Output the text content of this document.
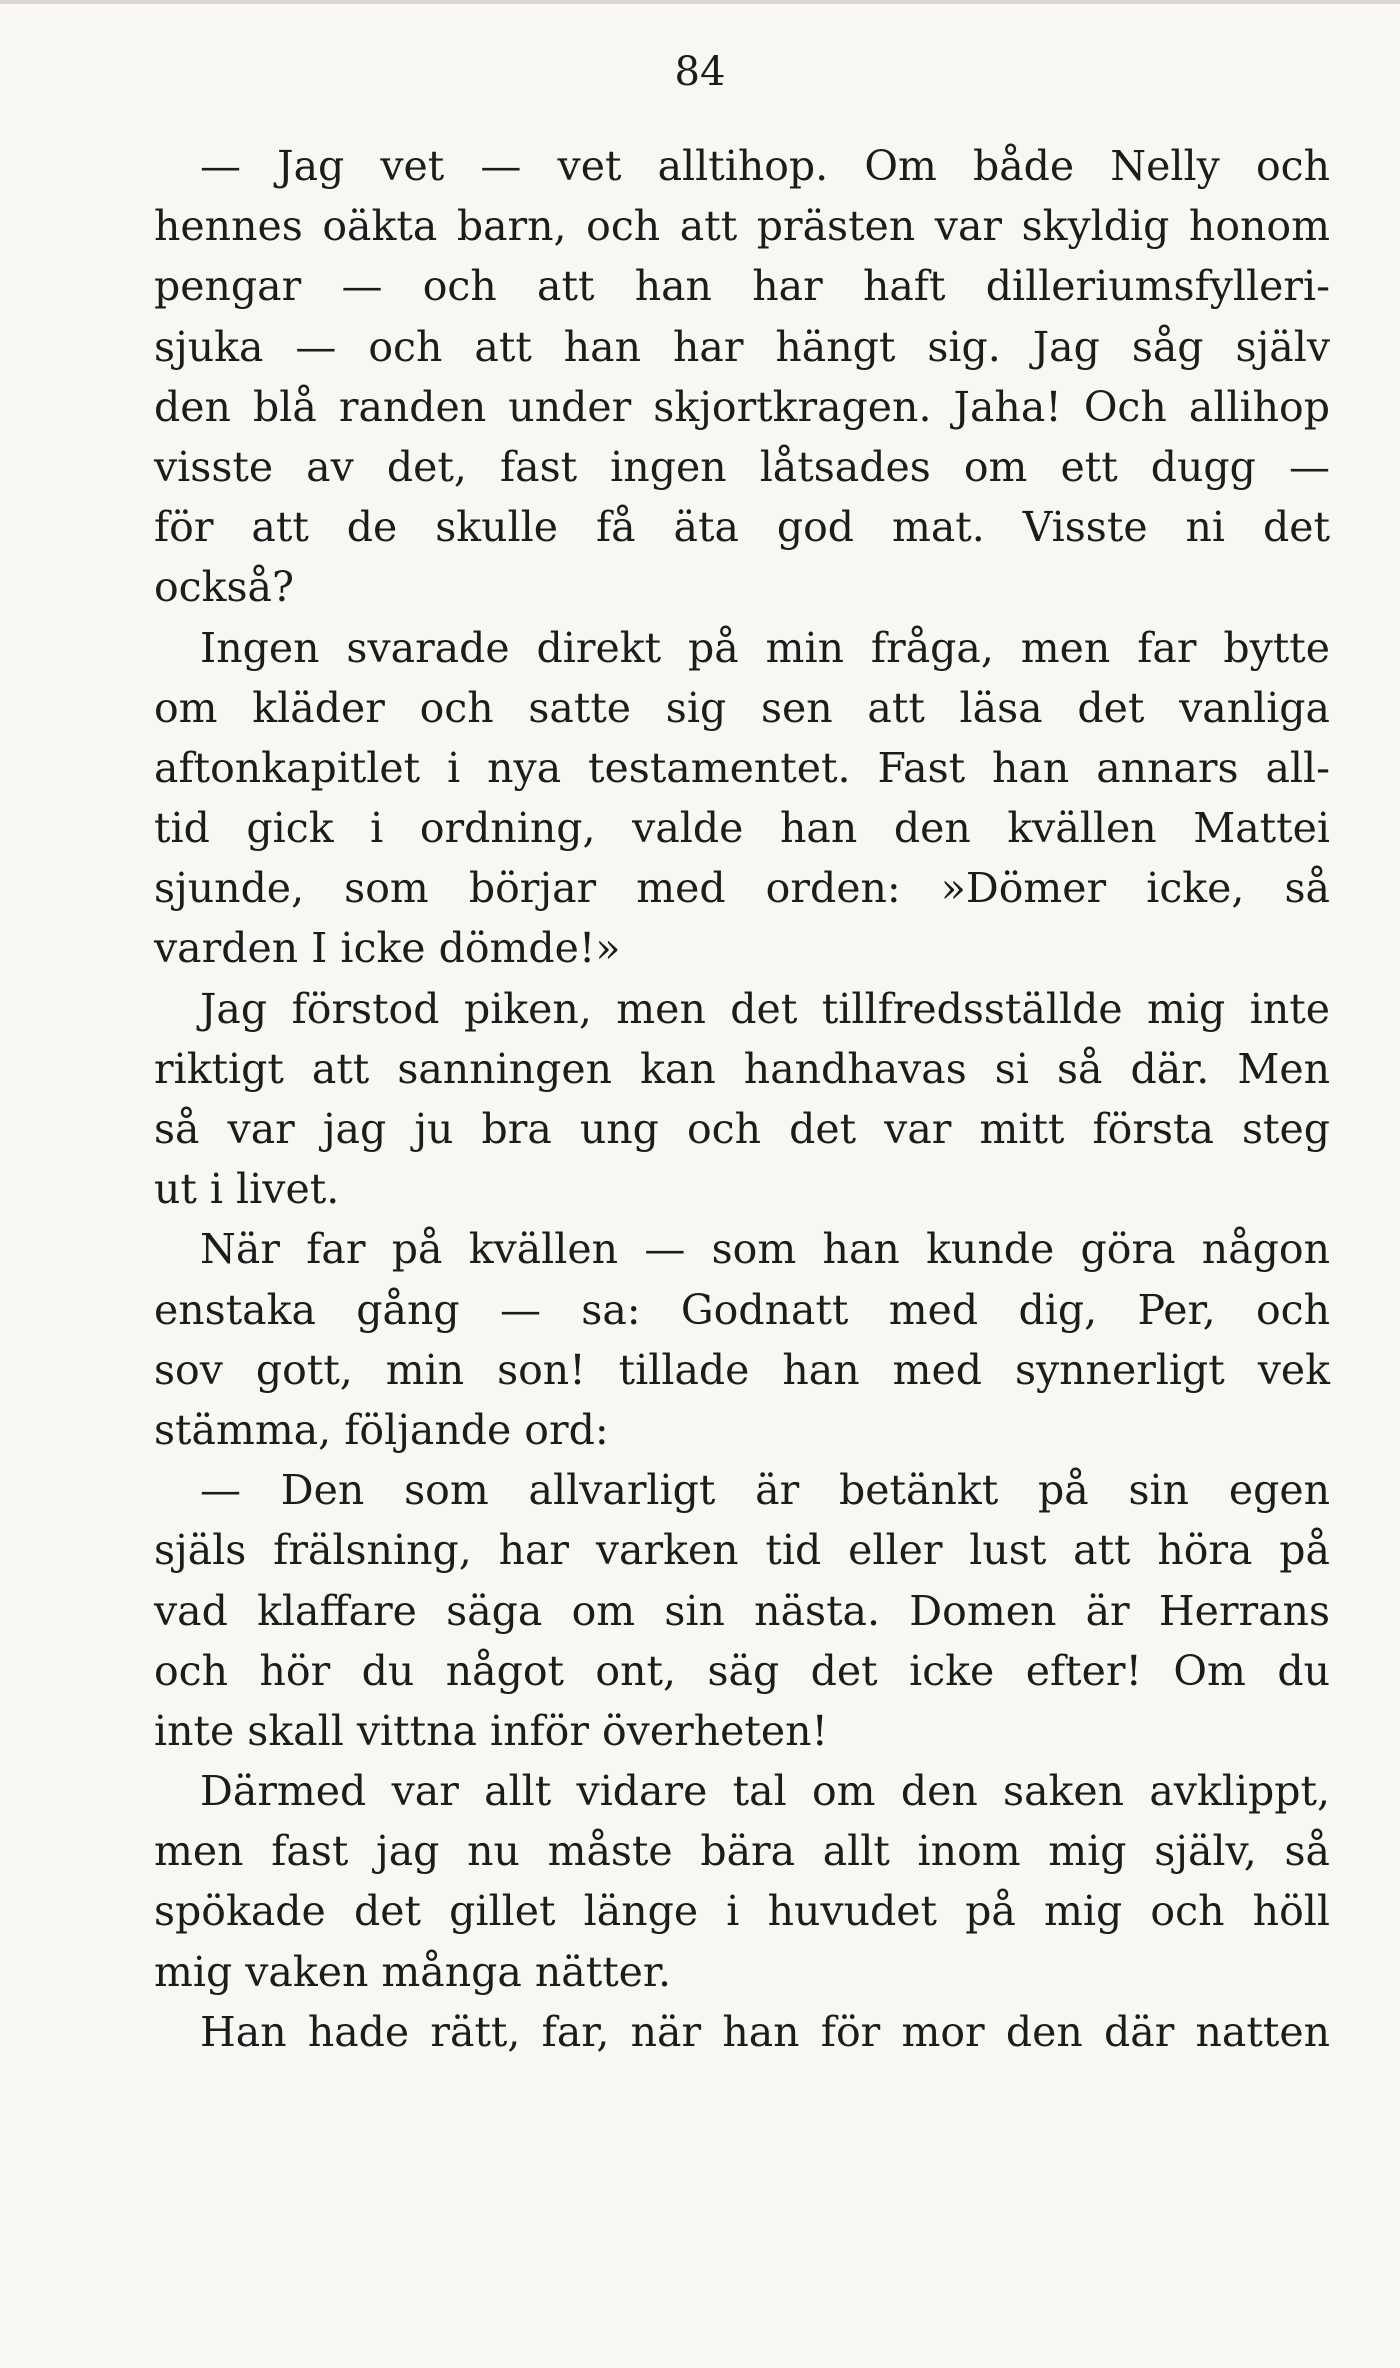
84
— Jag vet — vet alltihop. Om både Nelly och
hennes oäkta barn, och att prästen var skyldig honom
pengar — och att han har haft dilleriumsfylleri-
sjuka — och att han har hängt sig. Jag såg själv
den blå randen under skjortkragen. Jaha! Och allihop
visste av det, fast ingen låtsades om ett dugg —
för att de skulle få äta god mat. Visste ni det
också?
Ingen svarade direkt på min fråga, men far bytte
om kläder och satte sig sen att läsa det vanliga
aftonkapitlet i nya testamentet. Fast han annars all-
tid gick i ordning, valde han den kvällen Mattei
sjunde, som börjar med orden: »Dömer icke, så
varden I icke dömde!»
Jag förstod piken, men det tillfredsställde mig inte
riktigt att sanningen kan handhavas si så där. Men
så var jag ju bra ung och det var mitt första steg
ut i livet.
När far på kvällen — som han kunde göra någon
enstaka gång — sa: Godnatt med dig, Per, och
sov gott, min son! tillade han med synnerligt vek
stämma, följande ord:
— Den som allvarligt är betänkt på sin egen
själs frälsning, har varken tid eller lust att höra på
vad klaffare säga om sin nästa. Domen är Herrans
och hör du något ont, säg det icke efter! Om du
inte skall vittna inför överheten!
Därmed var allt vidare tal om den saken avklippt,
men fast jag nu måste bära allt inom mig själv, så
spökade det gillet länge i huvudet på mig och höll
mig vaken många nätter.
Han hade rätt, far, när han för mor den där natten
